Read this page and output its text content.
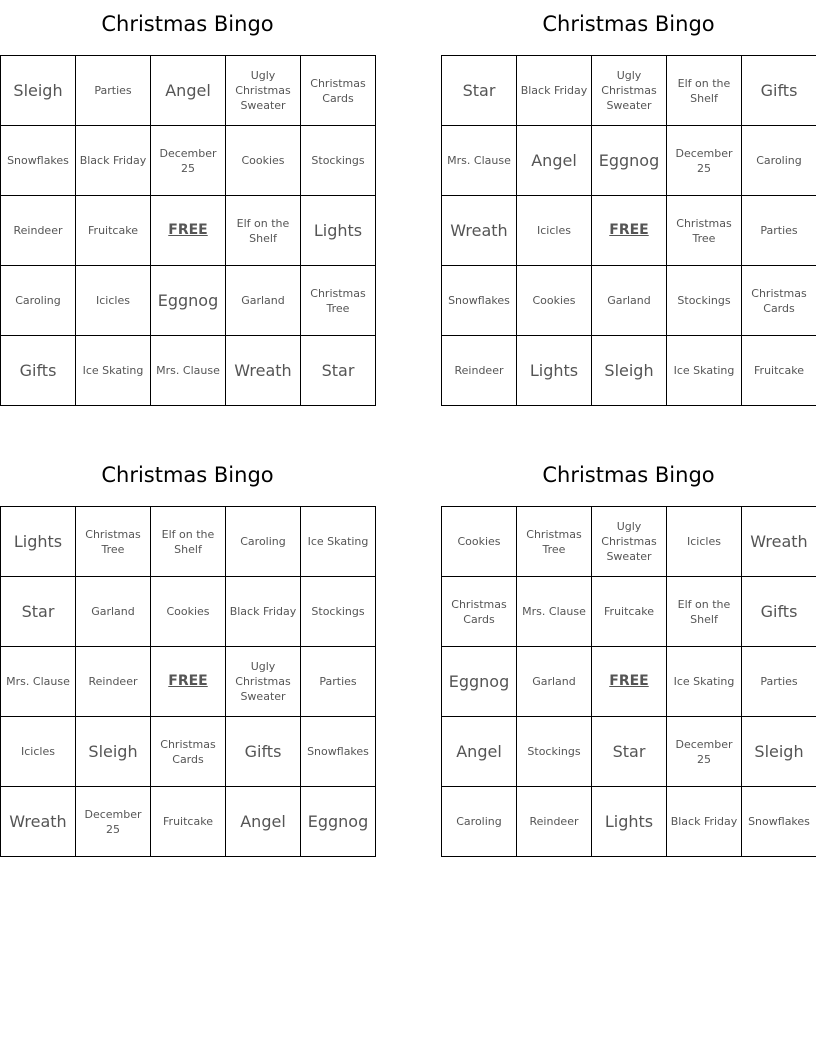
Christmas Bingo
Sleigh	Parties	Angel	Ugly Christmas Sweater	Christmas Cards
Snowflakes	Black Friday	December 25	Cookies	Stockings
Reindeer	Fruitcake	FREE	Elf on the Shelf	Lights
Caroling	Icicles	Eggnog	Garland	Christmas Tree
Gifts	Ice Skating	Mrs. Clause	Wreath	Star
Christmas Bingo
Star	Black Friday	Ugly Christmas Sweater	Elf on the Shelf	Gifts
Mrs. Clause	Angel	Eggnog	December 25	Caroling
Wreath	Icicles	FREE	Christmas Tree	Parties
Snowflakes	Cookies	Garland	Stockings	Christmas Cards
Reindeer	Lights	Sleigh	Ice Skating	Fruitcake
Christmas Bingo
Lights	Christmas Tree	Elf on the Shelf	Caroling	Ice Skating
Star	Garland	Cookies	Black Friday	Stockings
Mrs. Clause	Reindeer	FREE	Ugly Christmas Sweater	Parties
Icicles	Sleigh	Christmas Cards	Gifts	Snowflakes
Wreath	December 25	Fruitcake	Angel	Eggnog
Christmas Bingo
Cookies	Christmas Tree	Ugly Christmas Sweater	Icicles	Wreath
Christmas Cards	Mrs. Clause	Fruitcake	Elf on the Shelf	Gifts
Eggnog	Garland	FREE	Ice Skating	Parties
Angel	Stockings	Star	December 25	Sleigh
Caroling	Reindeer	Lights	Black Friday	Snowflakes
